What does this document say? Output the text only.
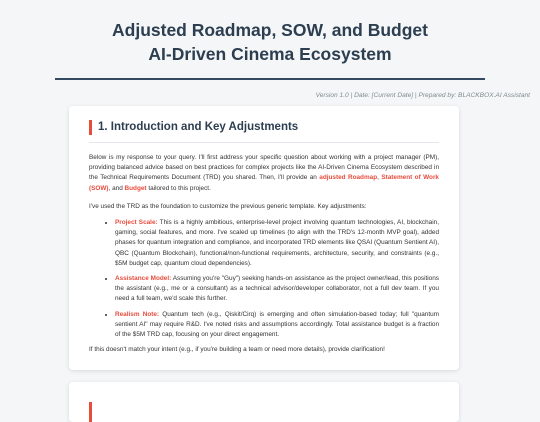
Adjusted Roadmap, SOW, and Budget
AI-Driven Cinema Ecosystem
Version 1.0 | Date: [Current Date] | Prepared by: BLACKBOX.AI Assistant
1. Introduction and Key Adjustments

Below is my response to your query. I'll first address your specific question about working with a project manager (PM), providing balanced advice based on best practices for complex projects like the AI-Driven Cinema Ecosystem described in the Technical Requirements Document (TRD) you shared. Then, I'll provide an adjusted Roadmap, Statement of Work (SOW), and Budget tailored to this project.

I've used the TRD as the foundation to customize the previous generic template. Key adjustments:

• Project Scale: This is a highly ambitious, enterprise-level project involving quantum technologies, AI, blockchain, gaming, social features, and more. I've scaled up timelines (to align with the TRD's 12-month MVP goal), added phases for quantum integration and compliance, and incorporated TRD elements like QSAI (Quantum Sentient AI), QBC (Quantum Blockchain), functional/non-functional requirements, architecture, security, and constraints (e.g., $5M budget cap, quantum cloud dependencies).
• Assistance Model: Assuming you're "Guy") seeking hands-on assistance as the project owner/lead, this positions the assistant (e.g., me or a consultant) as a technical advisor/developer collaborator, not a full dev team. If you need a full team, we'd scale this further.
• Realism Note: Quantum tech (e.g., Qiskit/Cirq) is emerging and often simulation-based today; full "quantum sentient AI" may require R&D. I've noted risks and assumptions accordingly. Total assistance budget is a fraction of the $5M TRD cap, focusing on your direct engagement.

If this doesn't match your intent (e.g., if you're building a team or need more details), provide clarification!
